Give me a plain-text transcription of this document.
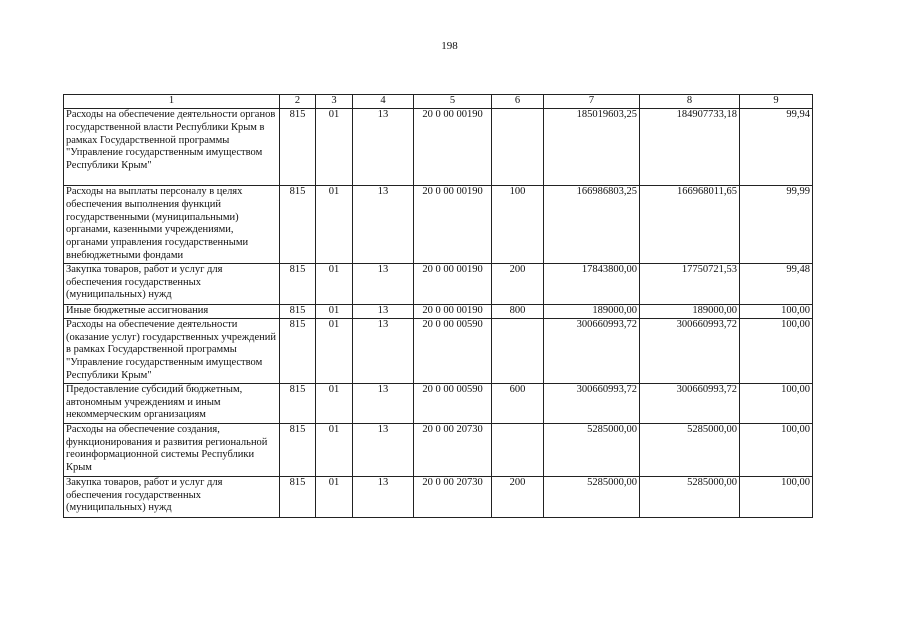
198
1	2	3	4	5	6	7	8	9
Расходы на обеспечение деятельности органов государственной власти Республики Крым в рамках Государственной программы "Управление государственным имуществом Республики Крым"	815	01	13	20 0 00 00190		185019603,25	184907733,18	99,94
Расходы на выплаты персоналу в целях обеспечения выполнения функций государственными (муниципальными) органами, казенными учреждениями, органами управления государственными внебюджетными фондами	815	01	13	20 0 00 00190	100	166986803,25	166968011,65	99,99
Закупка товаров, работ и услуг для обеспечения государственных (муниципальных) нужд	815	01	13	20 0 00 00190	200	17843800,00	17750721,53	99,48
Иные бюджетные ассигнования	815	01	13	20 0 00 00190	800	189000,00	189000,00	100,00
Расходы на обеспечение деятельности (оказание услуг) государственных учреждений в рамках Государственной программы "Управление государственным имуществом Республики Крым"	815	01	13	20 0 00 00590		300660993,72	300660993,72	100,00
Предоставление субсидий бюджетным, автономным учреждениям и иным некоммерческим организациям	815	01	13	20 0 00 00590	600	300660993,72	300660993,72	100,00
Расходы на обеспечение создания, функционирования и развития региональной геоинформационной системы Республики Крым	815	01	13	20 0 00 20730		5285000,00	5285000,00	100,00
Закупка товаров, работ и услуг для обеспечения государственных (муниципальных) нужд	815	01	13	20 0 00 20730	200	5285000,00	5285000,00	100,00
